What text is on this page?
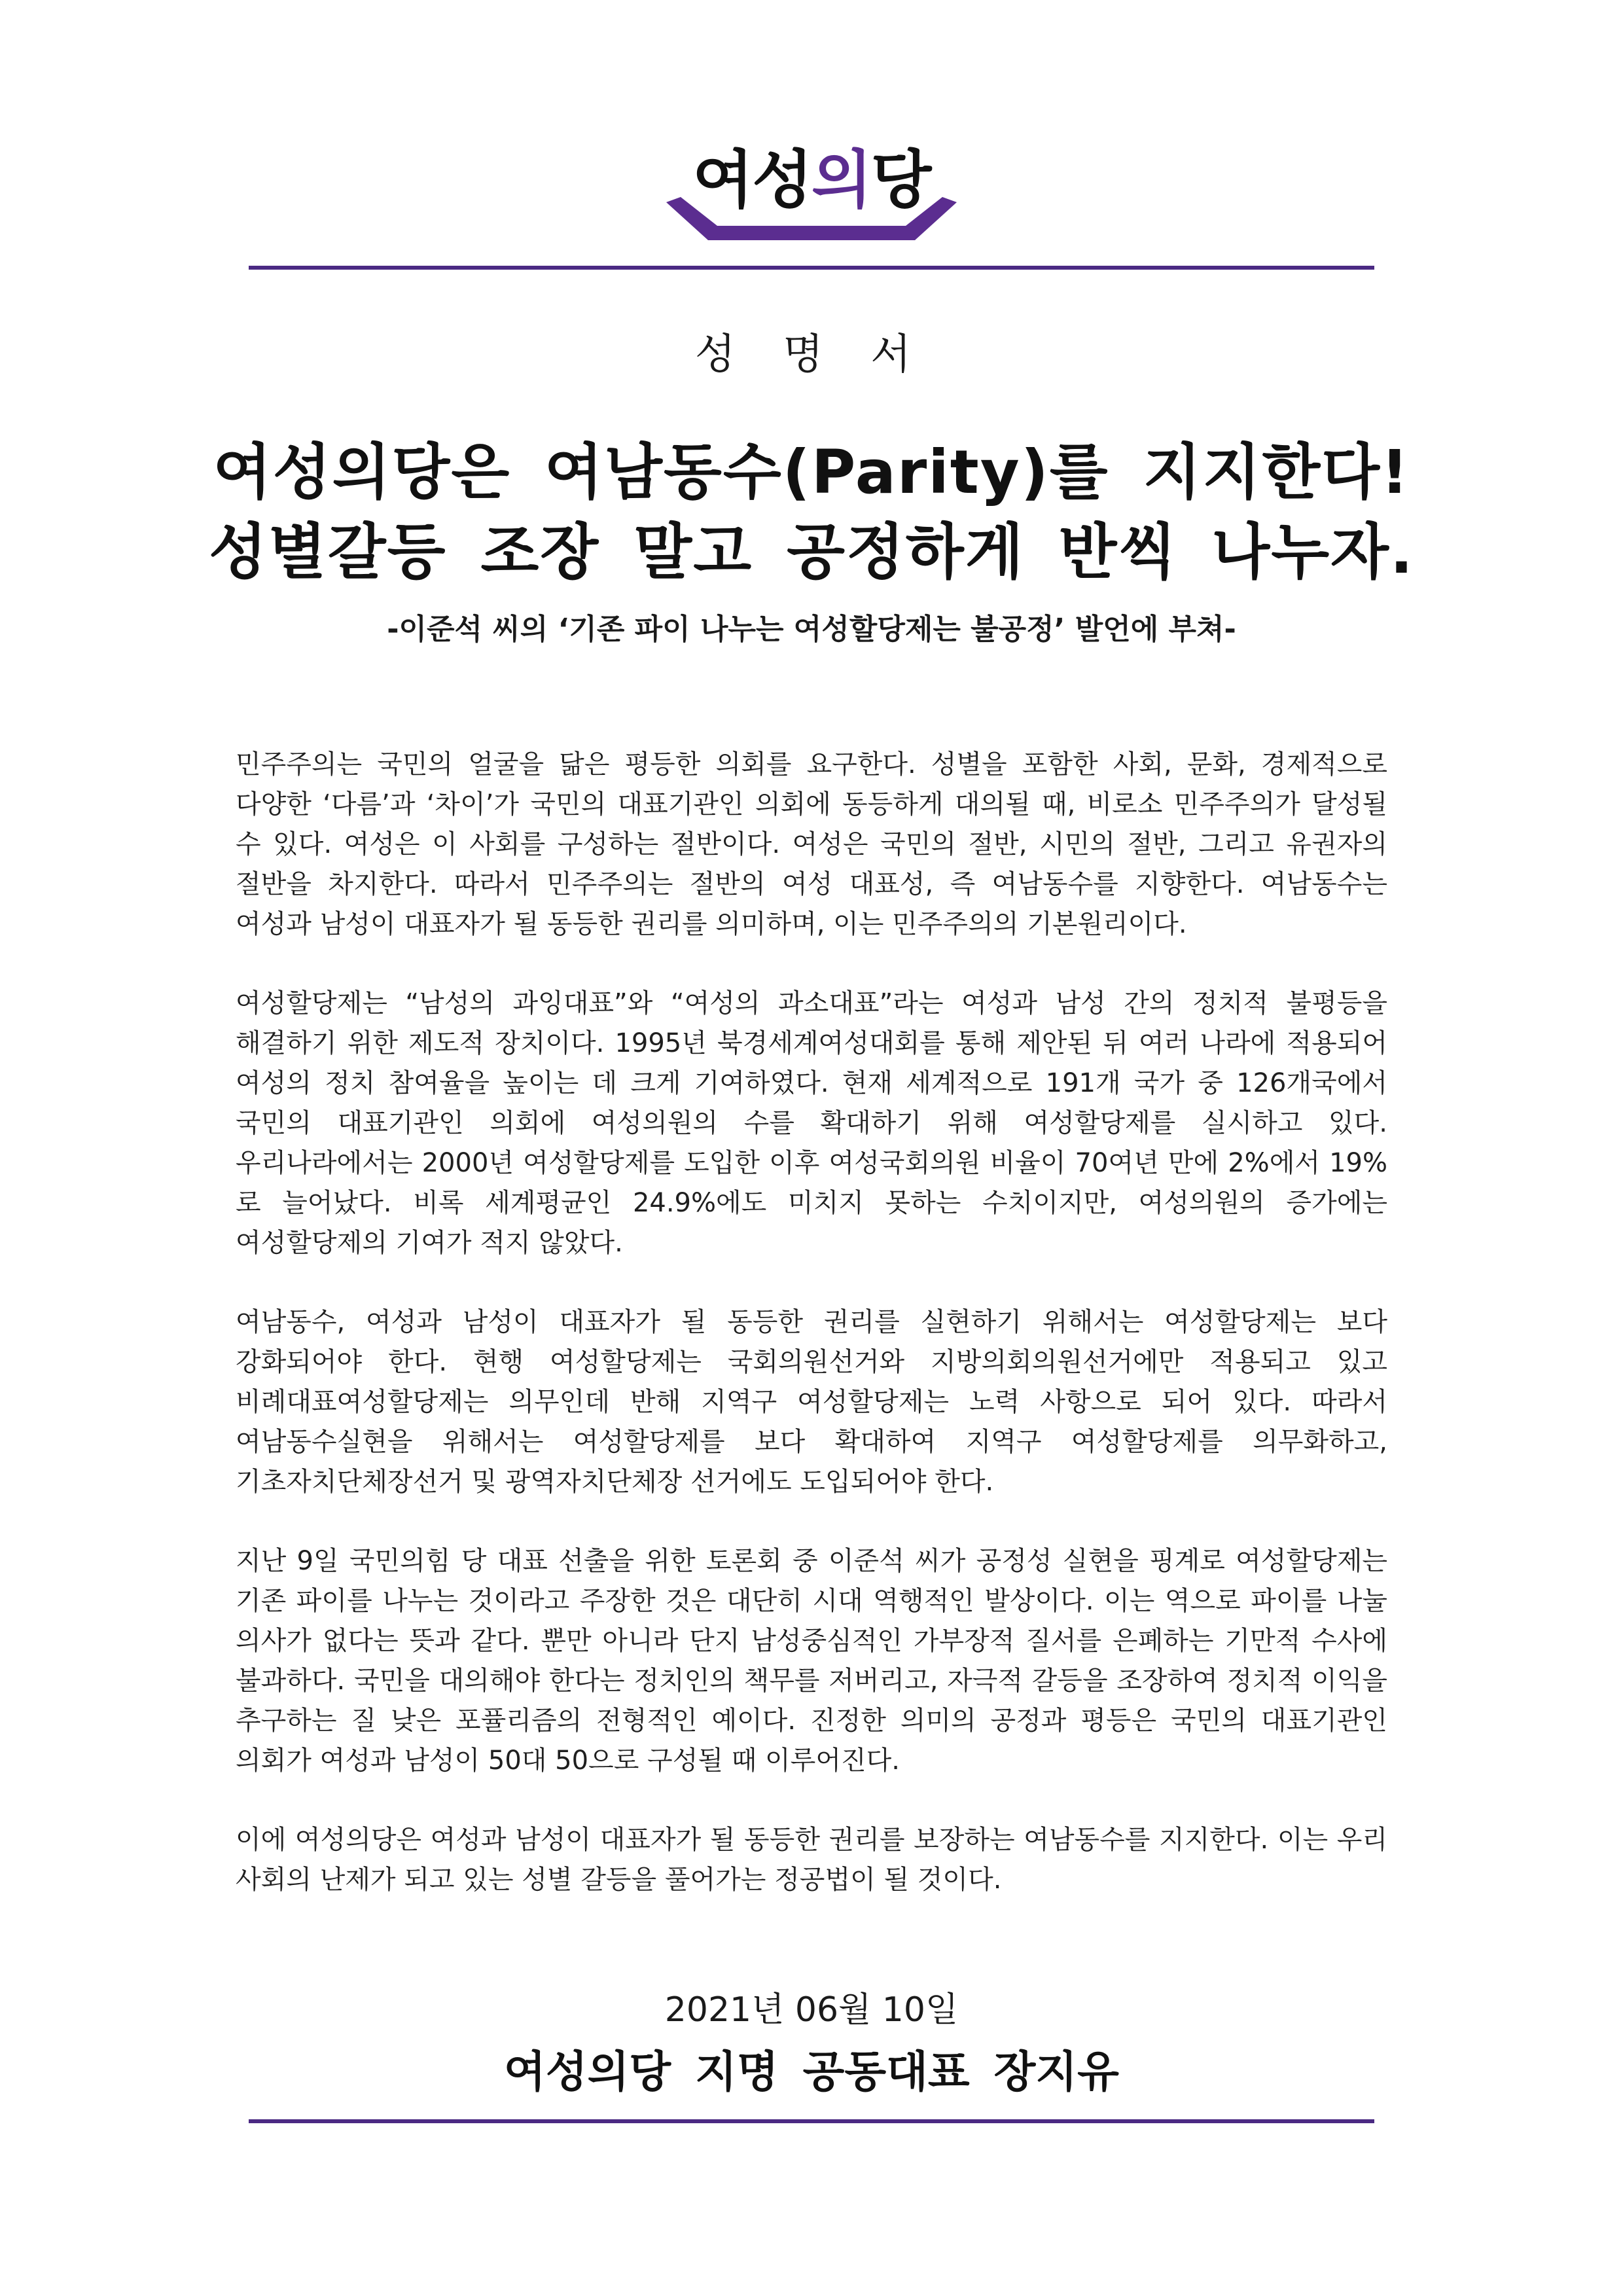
여성의당
성 명 서
여성의당은 여남동수(Parity)를 지지한다!
성별갈등 조장 말고 공정하게 반씩 나누자.
-이준석 씨의 ‘기존 파이 나누는 여성할당제는 불공정’ 발언에 부쳐-

민주주의는 국민의 얼굴을 닮은 평등한 의회를 요구한다. 성별을 포함한 사회, 문화, 경제적으로 다양한 ‘다름’과 ‘차이’가 국민의 대표기관인 의회에 동등하게 대의될 때, 비로소 민주주의가 달성될 수 있다. 여성은 이 사회를 구성하는 절반이다. 여성은 국민의 절반, 시민의 절반, 그리고 유권자의 절반을 차지한다. 따라서 민주주의는 절반의 여성 대표성, 즉 여남동수를 지향한다. 여남동수는 여성과 남성이 대표자가 될 동등한 권리를 의미하며, 이는 민주주의의 기본원리이다.

여성할당제는 “남성의 과잉대표”와 “여성의 과소대표”라는 여성과 남성 간의 정치적 불평등을 해결하기 위한 제도적 장치이다. 1995년 북경세계여성대회를 통해 제안된 뒤 여러 나라에 적용되어 여성의 정치 참여율을 높이는 데 크게 기여하였다. 현재 세계적으로 191개 국가 중 126개국에서 국민의 대표기관인 의회에 여성의원의 수를 확대하기 위해 여성할당제를 실시하고 있다. 우리나라에서는 2000년 여성할당제를 도입한 이후 여성국회의원 비율이 70여년 만에 2%에서 19%로 늘어났다. 비록 세계평균인 24.9%에도 미치지 못하는 수치이지만, 여성의원의 증가에는 여성할당제의 기여가 적지 않았다.

여남동수, 여성과 남성이 대표자가 될 동등한 권리를 실현하기 위해서는 여성할당제는 보다 강화되어야 한다. 현행 여성할당제는 국회의원선거와 지방의회의원선거에만 적용되고 있고 비례대표여성할당제는 의무인데 반해 지역구 여성할당제는 노력 사항으로 되어 있다. 따라서 여남동수실현을 위해서는 여성할당제를 보다 확대하여 지역구 여성할당제를 의무화하고, 기초자치단체장선거 및 광역자치단체장 선거에도 도입되어야 한다.

지난 9일 국민의힘 당 대표 선출을 위한 토론회 중 이준석 씨가 공정성 실현을 핑계로 여성할당제는 기존 파이를 나누는 것이라고 주장한 것은 대단히 시대 역행적인 발상이다. 이는 역으로 파이를 나눌 의사가 없다는 뜻과 같다. 뿐만 아니라 단지 남성중심적인 가부장적 질서를 은폐하는 기만적 수사에 불과하다. 국민을 대의해야 한다는 정치인의 책무를 저버리고, 자극적 갈등을 조장하여 정치적 이익을 추구하는 질 낮은 포퓰리즘의 전형적인 예이다. 진정한 의미의 공정과 평등은 국민의 대표기관인 의회가 여성과 남성이 50대 50으로 구성될 때 이루어진다.

이에 여성의당은 여성과 남성이 대표자가 될 동등한 권리를 보장하는 여남동수를 지지한다. 이는 우리 사회의 난제가 되고 있는 성별 갈등을 풀어가는 정공법이 될 것이다.

2021년 06월 10일
여성의당 지명 공동대표 장지유
